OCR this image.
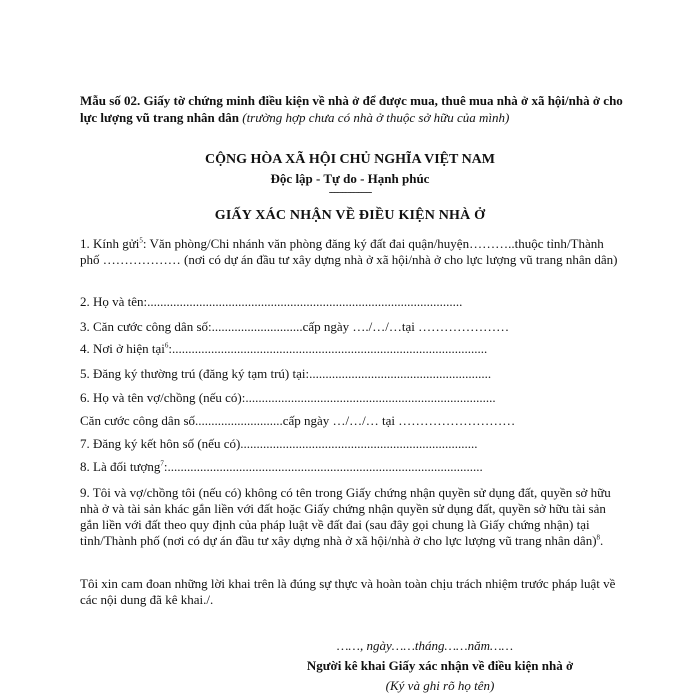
Mẫu số 02. Giấy tờ chứng minh điều kiện về nhà ở để được mua, thuê mua nhà ở xã hội/nhà ở cho lực lượng vũ trang nhân dân (trường hợp chưa có nhà ở thuộc sở hữu của mình)
CỘNG HÒA XÃ HỘI CHỦ NGHĨA VIỆT NAM
Độc lập - Tự do - Hạnh phúc
----------------
GIẤY XÁC NHẬN VỀ ĐIỀU KIỆN NHÀ Ở
1. Kính gửi$^5$: Văn phòng/Chi nhánh văn phòng đăng ký đất đai quận/huyện………..thuộc tỉnh/Thành phố ……………… (nơi có dự án đầu tư xây dựng nhà ở xã hội/nhà ở cho lực lượng vũ trang nhân dân)
2. Họ và tên:.................................................................................................
3. Căn cước công dân số:............................cấp ngày …./…/…tại …………………
4. Nơi ở hiện tại$^6$:.................................................................................................
5. Đăng ký thường trú (đăng ký tạm trú) tại:........................................................
6. Họ và tên vợ/chồng (nếu có):.............................................................................
Căn cước công dân số...........................cấp ngày …/…/… tại ………………………
7. Đăng ký kết hôn số (nếu có).........................................................................
8. Là đối tượng$^7$:.................................................................................................
9. Tôi và vợ/chồng tôi (nếu có) không có tên trong Giấy chứng nhận quyền sử dụng đất, quyền sở hữu nhà ở và tài sản khác gắn liền với đất hoặc Giấy chứng nhận quyền sử dụng đất, quyền sở hữu tài sản gắn liền với đất theo quy định của pháp luật về đất đai (sau đây gọi chung là Giấy chứng nhận) tại tỉnh/Thành phố (nơi có dự án đầu tư xây dựng nhà ở xã hội/nhà ở cho lực lượng vũ trang nhân dân)$^8$.
Tôi xin cam đoan những lời khai trên là đúng sự thực và hoàn toàn chịu trách nhiệm trước pháp luật về các nội dung đã kê khai./.
……, ngày……tháng……năm……
Người kê khai Giấy xác nhận về điều kiện nhà ở
(Ký và ghi rõ họ tên)
